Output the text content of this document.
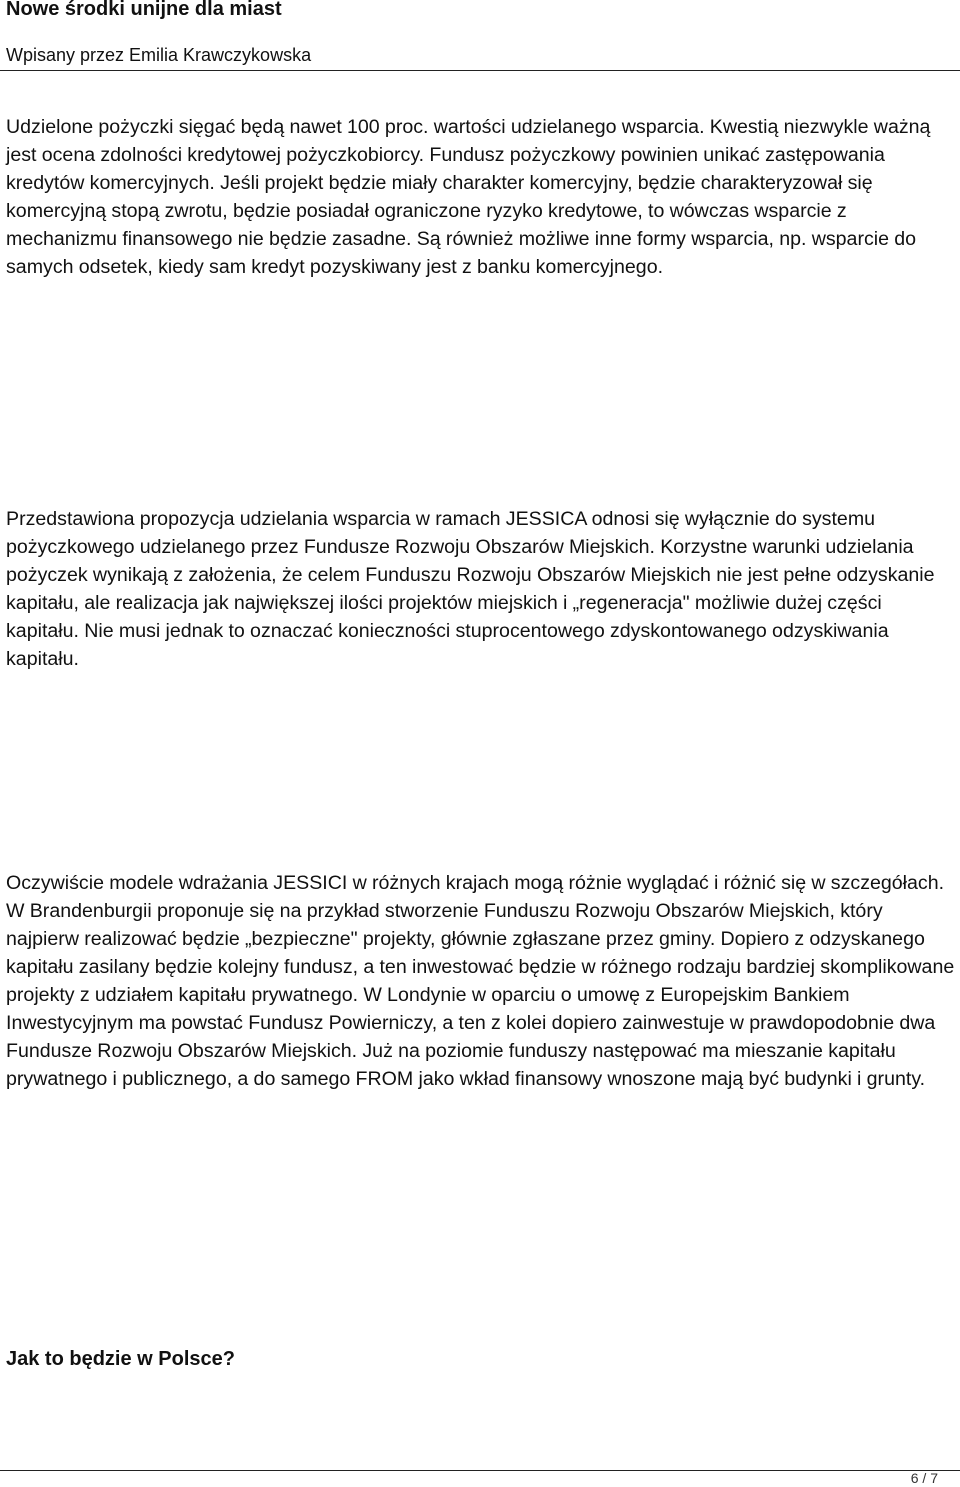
Nowe środki unijne dla miast
Wpisany przez Emilia Krawczykowska

Udzielone pożyczki sięgać będą nawet 100 proc. wartości udzielanego wsparcia. Kwestią niezwykle ważną jest ocena zdolności kredytowej pożyczkobiorcy. Fundusz pożyczkowy powinien unikać zastępowania kredytów komercyjnych. Jeśli projekt będzie miały charakter komercyjny, będzie charakteryzował się komercyjną stopą zwrotu, będzie posiadał ograniczone ryzyko kredytowe, to wówczas wsparcie z mechanizmu finansowego nie będzie zasadne. Są również możliwe inne formy wsparcia, np. wsparcie do samych odsetek, kiedy sam kredyt pozyskiwany jest z banku komercyjnego.

Przedstawiona propozycja udzielania wsparcia w ramach JESSICA odnosi się wyłącznie do systemu pożyczkowego udzielanego przez Fundusze Rozwoju Obszarów Miejskich. Korzystne warunki udzielania pożyczek wynikają z założenia, że celem Funduszu Rozwoju Obszarów Miejskich nie jest pełne odzyskanie kapitału, ale realizacja jak największej ilości projektów miejskich i „regeneracja" możliwie dużej części kapitału. Nie musi jednak to oznaczać konieczności stuprocentowego zdyskontowanego odzyskiwania kapitału.

Oczywiście modele wdrażania JESSICI w różnych krajach mogą różnie wyglądać i różnić się w szczegółach. W Brandenburgii proponuje się na przykład stworzenie Funduszu Rozwoju Obszarów Miejskich, który najpierw realizować będzie „bezpieczne" projekty, głównie zgłaszane przez gminy. Dopiero z odzyskanego kapitału zasilany będzie kolejny fundusz, a ten inwestować będzie w różnego rodzaju bardziej skomplikowane projekty z udziałem kapitału prywatnego. W Londynie w oparciu o umowę z Europejskim Bankiem Inwestycyjnym ma powstać Fundusz Powierniczy, a ten z kolei dopiero zainwestuje w prawdopodobnie dwa Fundusze Rozwoju Obszarów Miejskich. Już na poziomie funduszy następować ma mieszanie kapitału prywatnego i publicznego, a do samego FROM jako wkład finansowy wnoszone mają być budynki i grunty.

Jak to będzie w Polsce?
6 / 7
